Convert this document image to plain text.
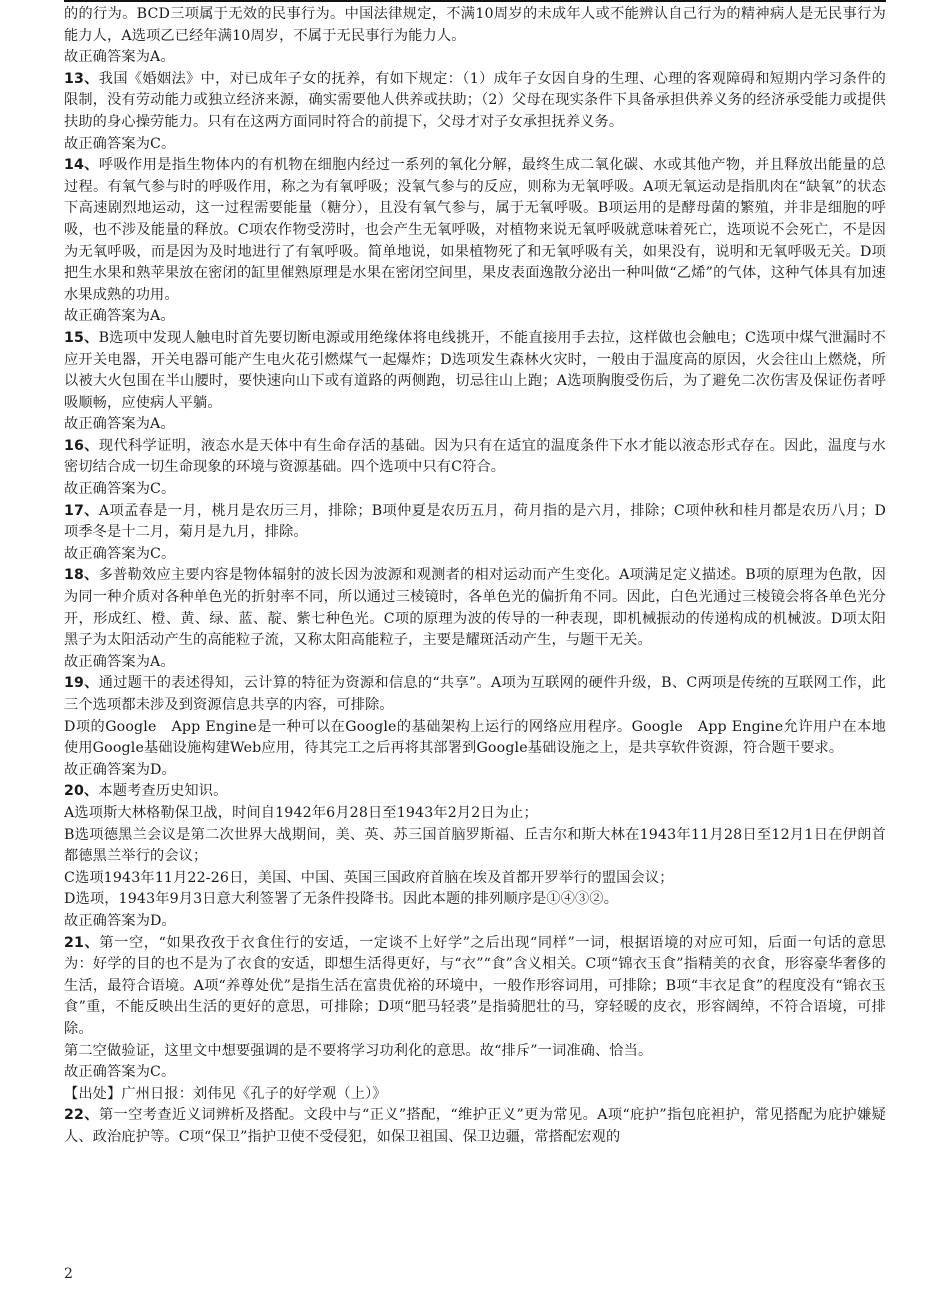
的的行为。BCD三项属于无效的民事行为。中国法律规定，不满10周岁的未成年人或不能辨认自己行为的精神病人是无民事行为能力人，A选项乙已经年满10周岁，不属于无民事行为能力人。

故正确答案为A。

13、我国《婚姻法》中，对已成年子女的抚养，有如下规定：（1）成年子女因自身的生理、心理的客观障碍和短期内学习条件的限制，没有劳动能力或独立经济来源，确实需要他人供养或扶助；（2）父母在现实条件下具备承担供养义务的经济承受能力或提供扶助的身心操劳能力。只有在这两方面同时符合的前提下，父母才对子女承担抚养义务。

故正确答案为C。

14、呼吸作用是指生物体内的有机物在细胞内经过一系列的氧化分解，最终生成二氧化碳、水或其他产物，并且释放出能量的总过程。有氧气参与时的呼吸作用，称之为有氧呼吸；没氧气参与的反应，则称为无氧呼吸。A项无氧运动是指肌肉在“缺氧”的状态下高速剧烈地运动，这一过程需要能量（糖分），且没有氧气参与，属于无氧呼吸。B项运用的是酵母菌的繁殖，并非是细胞的呼吸，也不涉及能量的释放。C项农作物受涝时，也会产生无氧呼吸，对植物来说无氧呼吸就意味着死亡，选项说不会死亡，不是因为无氧呼吸，而是因为及时地进行了有氧呼吸。简单地说，如果植物死了和无氧呼吸有关，如果没有，说明和无氧呼吸无关。D项把生水果和熟苹果放在密闭的缸里催熟原理是水果在密闭空间里，果皮表面逸散分泌出一种叫做“乙烯”的气体，这种气体具有加速水果成熟的功用。

故正确答案为A。

15、B选项中发现人触电时首先要切断电源或用绝缘体将电线挑开，不能直接用手去拉，这样做也会触电；C选项中煤气泄漏时不应开关电器，开关电器可能产生电火花引燃煤气一起爆炸；D选项发生森林火灾时，一般由于温度高的原因，火会往山上燃烧，所以被大火包围在半山腰时，要快速向山下或有道路的两侧跑，切忌往山上跑；A选项胸腹受伤后，为了避免二次伤害及保证伤者呼吸顺畅，应使病人平躺。

故正确答案为A。

16、现代科学证明，液态水是天体中有生命存活的基础。因为只有在适宜的温度条件下水才能以液态形式存在。因此，温度与水密切结合成一切生命现象的环境与资源基础。四个选项中只有C符合。

故正确答案为C。

17、A项孟春是一月，桃月是农历三月，排除；B项仲夏是农历五月，荷月指的是六月，排除；C项仲秋和桂月都是农历八月；D项季冬是十二月，菊月是九月，排除。

故正确答案为C。

18、多普勒效应主要内容是物体辐射的波长因为波源和观测者的相对运动而产生变化。A项满足定义描述。B项的原理为色散，因为同一种介质对各种单色光的折射率不同，所以通过三棱镜时，各单色光的偏折角不同。因此，白色光通过三棱镜会将各单色光分开，形成红、橙、黄、绿、蓝、靛、紫七种色光。C项的原理为波的传导的一种表现，即机械振动的传递构成的机械波。D项太阳黑子为太阳活动产生的高能粒子流，又称太阳高能粒子，主要是耀斑活动产生，与题干无关。

故正确答案为A。

19、通过题干的表述得知，云计算的特征为资源和信息的“共享”。A项为互联网的硬件升级，B、C两项是传统的互联网工作，此三个选项都未涉及到资源信息共享的内容，可排除。

D项的Google　App Engine是一种可以在Google的基础架构上运行的网络应用程序。Google　App Engine允许用户在本地使用Google基础设施构建Web应用，待其完工之后再将其部署到Google基础设施之上，是共享软件资源，符合题干要求。

故正确答案为D。

20、本题考查历史知识。

A选项斯大林格勒保卫战，时间自1942年6月28日至1943年2月2日为止；

B选项德黑兰会议是第二次世界大战期间，美、英、苏三国首脑罗斯福、丘吉尔和斯大林在1943年11月28日至12月1日在伊朗首都德黑兰举行的会议；

C选项1943年11月22-26日，美国、中国、英国三国政府首脑在埃及首都开罗举行的盟国会议；

D选项，1943年9月3日意大利签署了无条件投降书。因此本题的排列顺序是①④③②。

故正确答案为D。

21、第一空，“如果孜孜于衣食住行的安适，一定谈不上好学”之后出现“同样”一词，根据语境的对应可知，后面一句话的意思为：好学的目的也不是为了衣食的安适，即想生活得更好，与“衣”“食”含义相关。C项“锦衣玉食”指精美的衣食，形容豪华奢侈的生活，最符合语境。A项“养尊处优”是指生活在富贵优裕的环境中，一般作形容词用，可排除；B项“丰衣足食”的程度没有“锦衣玉食”重，不能反映出生活的更好的意思，可排除；D项“肥马轻裘”是指骑肥壮的马，穿轻暖的皮衣，形容阔绰，不符合语境，可排除。

第二空做验证，这里文中想要强调的是不要将学习功利化的意思。故“排斥”一词准确、恰当。

故正确答案为C。

【出处】广州日报：刘伟见《孔子的好学观（上）》

22、第一空考查近义词辨析及搭配。文段中与“正义”搭配，“维护正义”更为常见。A项“庇护”指包庇袒护，常见搭配为庇护嫌疑人、政治庇护等。C项“保卫”指护卫使不受侵犯，如保卫祖国、保卫边疆，常搭配宏观的

2
